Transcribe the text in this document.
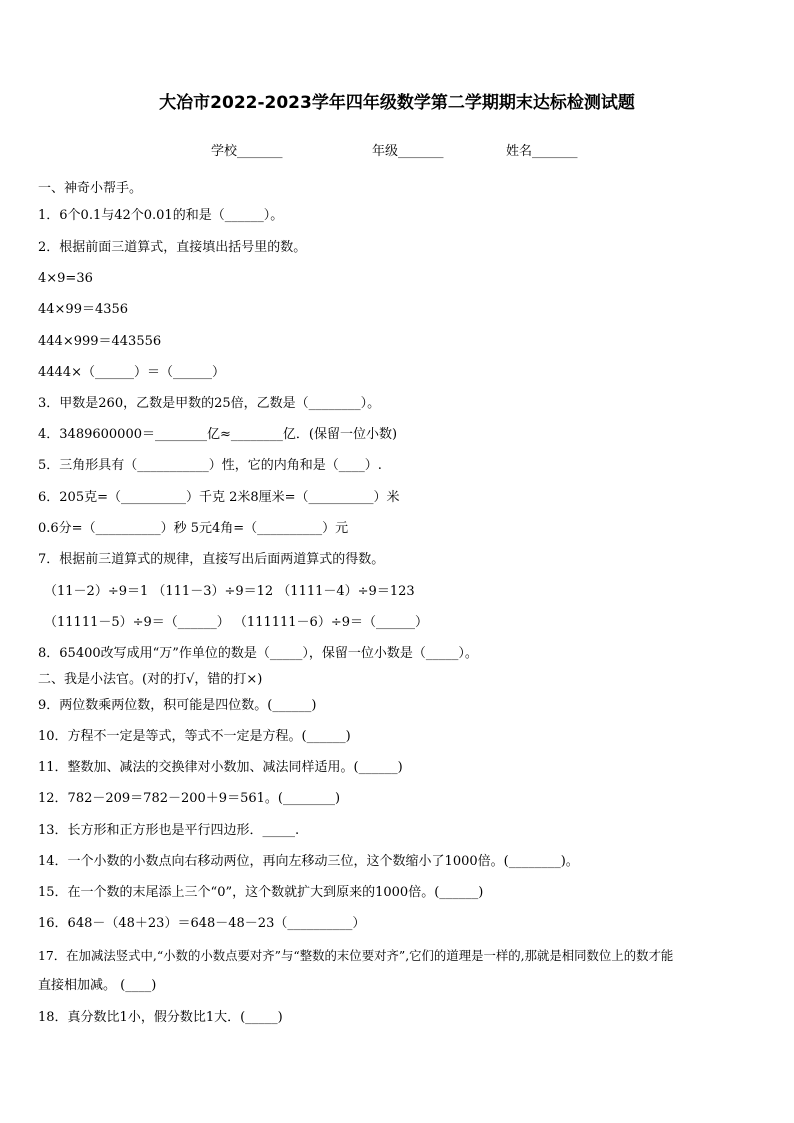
大冶市2022-2023学年四年级数学第二学期期末达标检测试题
学校_______	年级_______	姓名_______
一、神奇小帮手。
1．6个0.1与42个0.01的和是（______）。
2．根据前面三道算式，直接填出括号里的数。
4×9=36
44×99＝4356
444×999＝443556
4444×（______）＝（______）
3．甲数是260，乙数是甲数的25倍，乙数是（________）。
4．3489600000＝________亿≈________亿．(保留一位小数)
5．三角形具有（___________）性，它的内角和是（____）.
6．205克=（__________）千克 2米8厘米=（__________）米
0.6分=（__________）秒 5元4角=（__________）元
7．根据前三道算式的规律，直接写出后面两道算式的得数。
（11－2）÷9＝1 （111－3）÷9＝12 （1111－4）÷9＝123
（11111－5）÷9＝（______） （111111－6）÷9＝（______）
8．65400改写成用“万”作单位的数是（_____），保留一位小数是（_____）。
二、我是小法官。(对的打√，错的打×)
9．两位数乘两位数，积可能是四位数。(______)
10．方程不一定是等式，等式不一定是方程。(______)
11．整数加、减法的交换律对小数加、减法同样适用。(______)
12．782－209＝782－200＋9＝561。(________)
13．长方形和正方形也是平行四边形．_____.
14．一个小数的小数点向右移动两位，再向左移动三位，这个数缩小了1000倍。(________)。
15．在一个数的末尾添上三个“0”，这个数就扩大到原来的1000倍。(______)
16．648－（48＋23）＝648－48－23（__________）
17．在加减法竖式中,“小数的小数点要对齐”与“整数的末位要对齐”,它们的道理是一样的,那就是相同数位上的数才能
直接相加减。 (____)
18．真分数比1小，假分数比1大．(_____)
